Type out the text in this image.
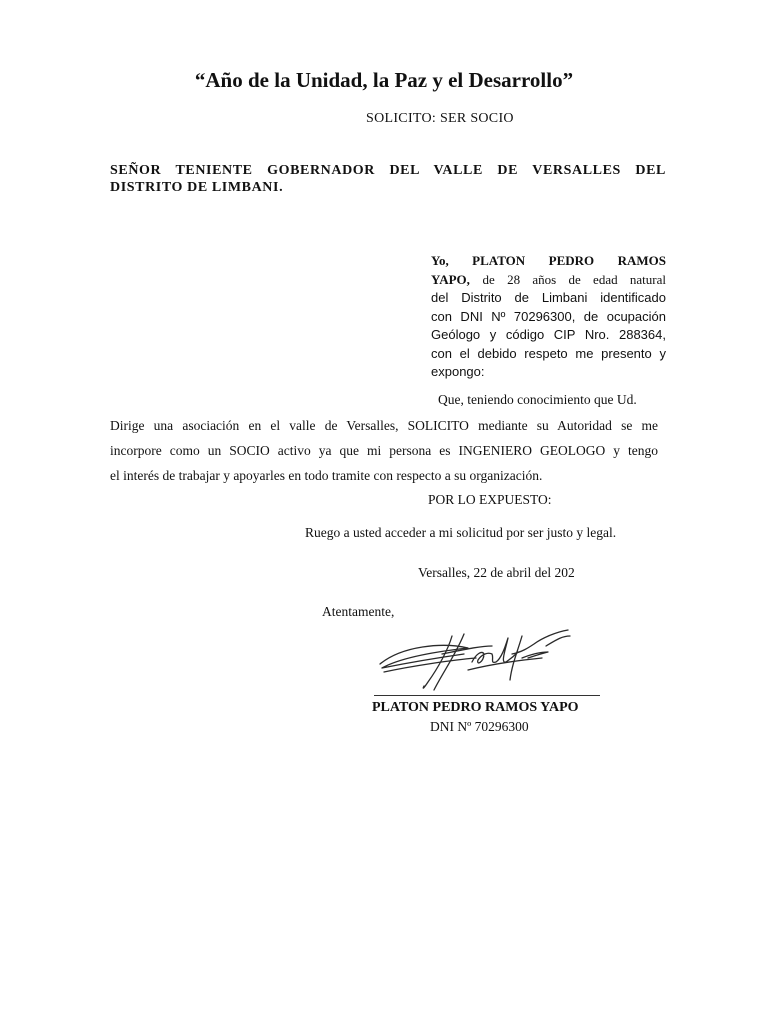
“Año de la Unidad, la Paz y el Desarrollo”
SOLICITO: SER SOCIO
SEÑOR TENIENTE GOBERNADOR DEL VALLE DE VERSALLES DEL DISTRITO DE LIMBANI.
Yo, PLATON PEDRO RAMOS
YAPO, de 28 años de edad natural
del Distrito de Limbani identificado
con DNI Nº 70296300, de ocupación
Geólogo y código CIP Nro. 288364,
con el debido respeto me presento y
expongo:
Que, teniendo conocimiento que Ud.
Dirige una asociación en el valle de Versalles, SOLICITO mediante su Autoridad se me
incorpore como un SOCIO activo ya que mi persona es INGENIERO GEOLOGO y tengo
el interés de trabajar y apoyarles en todo tramite con respecto a su organización.
POR LO EXPUESTO:
Ruego a usted acceder a mi solicitud por ser justo y legal.
Versalles, 22 de abril del 202
Atentamente,
PLATON PEDRO RAMOS YAPO
DNI Nº 70296300
